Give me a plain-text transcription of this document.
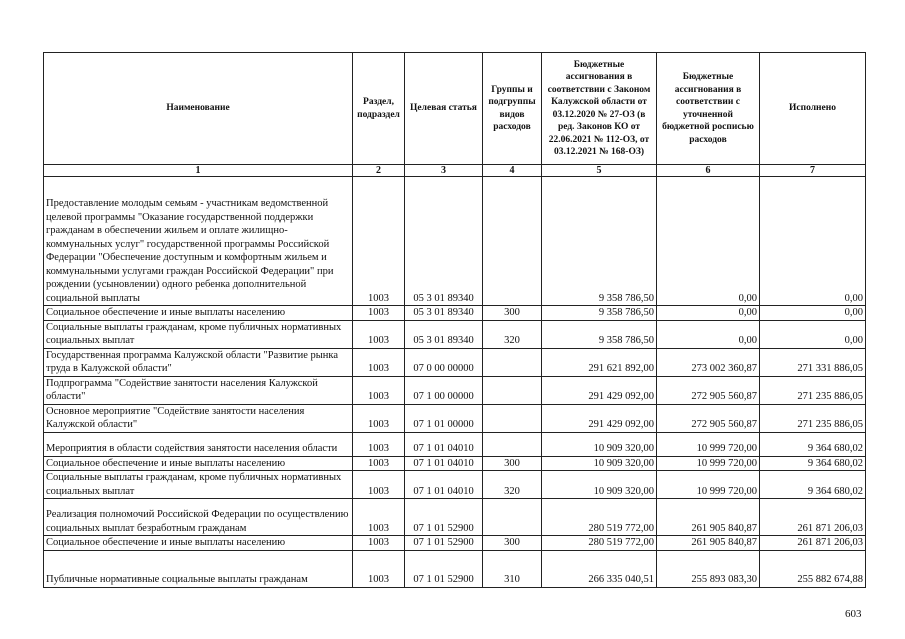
Наименование	Раздел, подраздел	Целевая статья	Группы и подгруппы видов расходов	Бюджетные ассигнования в соответствии с Законом Калужской области от 03.12.2020 № 27-ОЗ (в ред. Законов КО от 22.06.2021 № 112-ОЗ, от 03.12.2021 № 168-ОЗ)	Бюджетные ассигнования в соответствии с уточненной бюджетной росписью расходов	Исполнено
1	2	3	4	5	6	7
Предоставление молодым семьям - участникам ведомственной целевой программы "Оказание государственной поддержки гражданам в обеспечении жильем и оплате жилищно-коммунальных услуг" государственной программы Российской Федерации "Обеспечение доступным и комфортным жильем и коммунальными услугами граждан Российской Федерации" при рождении (усыновлении) одного ребенка дополнительной социальной выплаты	1003	05 3 01 89340		9 358 786,50	0,00	0,00
Социальное обеспечение и иные выплаты населению	1003	05 3 01 89340	300	9 358 786,50	0,00	0,00
Социальные выплаты гражданам, кроме публичных нормативных социальных выплат	1003	05 3 01 89340	320	9 358 786,50	0,00	0,00
Государственная программа Калужской области "Развитие рынка труда в Калужской области"	1003	07 0 00 00000		291 621 892,00	273 002 360,87	271 331 886,05
Подпрограмма "Содействие занятости населения Калужской области"	1003	07 1 00 00000		291 429 092,00	272 905 560,87	271 235 886,05
Основное мероприятие "Содействие занятости населения Калужской области"	1003	07 1 01 00000		291 429 092,00	272 905 560,87	271 235 886,05
Мероприятия в области содействия занятости населения области	1003	07 1 01 04010		10 909 320,00	10 999 720,00	9 364 680,02
Социальное обеспечение и иные выплаты населению	1003	07 1 01 04010	300	10 909 320,00	10 999 720,00	9 364 680,02
Социальные выплаты гражданам, кроме публичных нормативных социальных выплат	1003	07 1 01 04010	320	10 909 320,00	10 999 720,00	9 364 680,02
Реализация полномочий Российской Федерации по осуществлению социальных выплат безработным гражданам	1003	07 1 01 52900		280 519 772,00	261 905 840,87	261 871 206,03
Социальное обеспечение и иные выплаты населению	1003	07 1 01 52900	300	280 519 772,00	261 905 840,87	261 871 206,03
Публичные нормативные социальные выплаты гражданам	1003	07 1 01 52900	310	266 335 040,51	255 893 083,30	255 882 674,88
603
